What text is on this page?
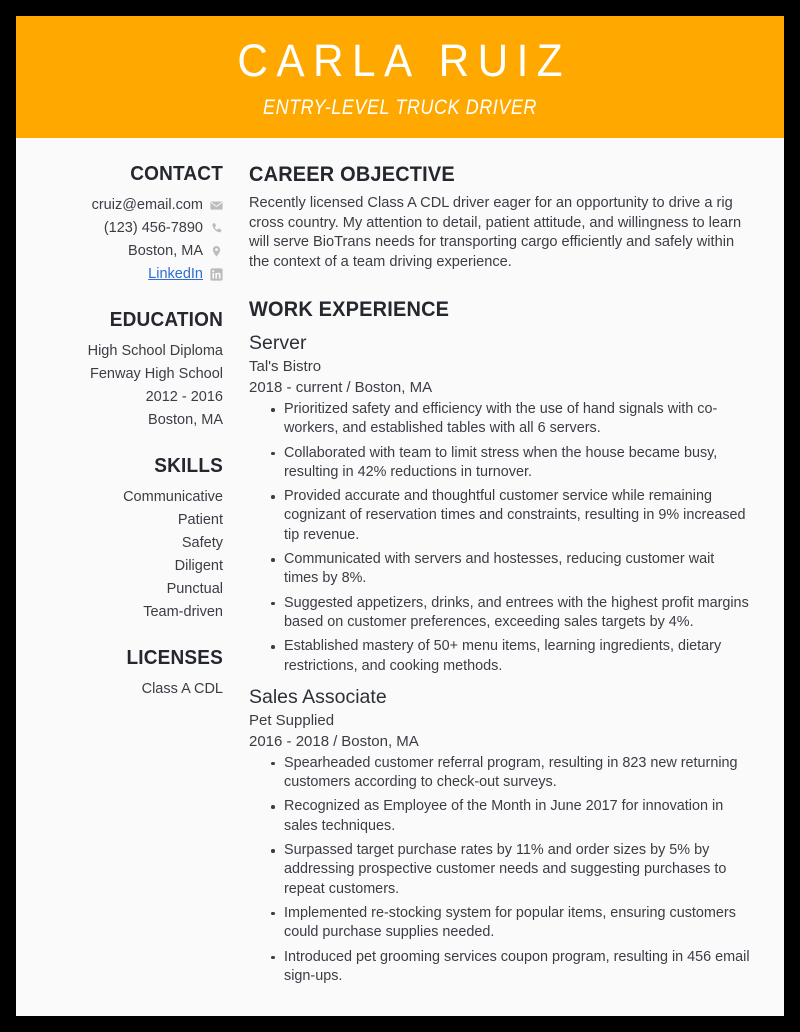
CARLA RUIZ
ENTRY-LEVEL TRUCK DRIVER
CONTACT
cruiz@email.com
(123) 456-7890
Boston, MA
LinkedIn
EDUCATION
High School Diploma
Fenway High School
2012 - 2016
Boston, MA
SKILLS
Communicative
Patient
Safety
Diligent
Punctual
Team-driven
LICENSES
Class A CDL
CAREER OBJECTIVE
Recently licensed Class A CDL driver eager for an opportunity to drive a rig cross country. My attention to detail, patient attitude, and willingness to learn will serve BioTrans needs for transporting cargo efficiently and safely within the context of a team driving experience.
WORK EXPERIENCE
Server
Tal's Bistro
2018 - current / Boston, MA
Prioritized safety and efficiency with the use of hand signals with co-workers, and established tables with all 6 servers.
Collaborated with team to limit stress when the house became busy, resulting in 42% reductions in turnover.
Provided accurate and thoughtful customer service while remaining cognizant of reservation times and constraints, resulting in 9% increased tip revenue.
Communicated with servers and hostesses, reducing customer wait times by 8%.
Suggested appetizers, drinks, and entrees with the highest profit margins based on customer preferences, exceeding sales targets by 4%.
Established mastery of 50+ menu items, learning ingredients, dietary restrictions, and cooking methods.
Sales Associate
Pet Supplied
2016 - 2018 / Boston, MA
Spearheaded customer referral program, resulting in 823 new returning customers according to check-out surveys.
Recognized as Employee of the Month in June 2017 for innovation in sales techniques.
Surpassed target purchase rates by 11% and order sizes by 5% by addressing prospective customer needs and suggesting purchases to repeat customers.
Implemented re-stocking system for popular items, ensuring customers could purchase supplies needed.
Introduced pet grooming services coupon program, resulting in 456 email sign-ups.
